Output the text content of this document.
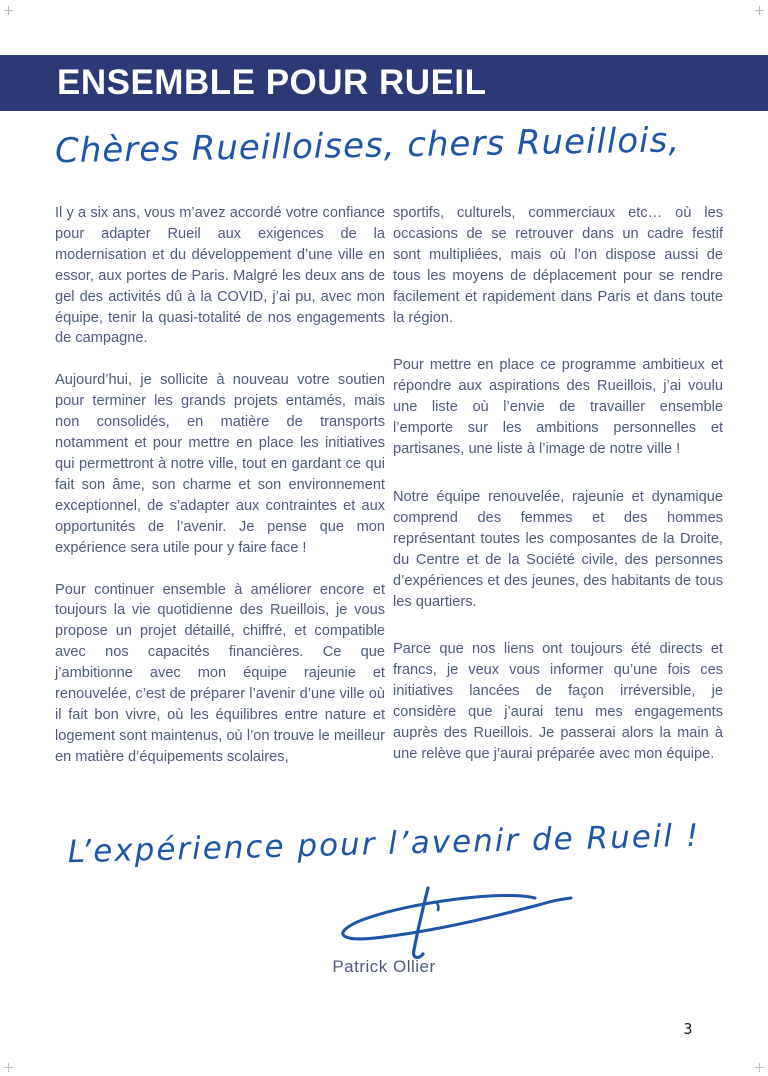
ENSEMBLE POUR RUEIL
Chères Rueilloises, chers Rueillois,

Il y a six ans, vous m’avez accordé votre confiance pour adapter Rueil aux exigences de la modernisation et du développement d’une ville en essor, aux portes de Paris. Malgré les deux ans de gel des activités dû à la COVID, j’ai pu, avec mon équipe, tenir la quasi-totalité de nos engagements de campagne.

Aujourd’hui, je sollicite à nouveau votre soutien pour terminer les grands projets entamés, mais non consolidés, en matière de transports notamment et pour mettre en place les initiatives qui permettront à notre ville, tout en gardant ce qui fait son âme, son charme et son environnement exceptionnel, de s’adapter aux contraintes et aux opportunités de l’avenir. Je pense que mon expérience sera utile pour y faire face !

Pour continuer ensemble à améliorer encore et toujours la vie quotidienne des Rueillois, je vous propose un projet détaillé, chiffré, et compatible avec nos capacités financières. Ce que j’ambitionne avec mon équipe rajeunie et renouvelée, c’est de préparer l’avenir d’une ville où il fait bon vivre, où les équilibres entre nature et logement sont maintenus, où l’on trouve le meilleur en matière d’équipements scolaires,

sportifs, culturels, commerciaux etc… où les occasions de se retrouver dans un cadre festif sont multipliées, mais où l’on dispose aussi de tous les moyens de déplacement pour se rendre facilement et rapidement dans Paris et dans toute la région.

Pour mettre en place ce programme ambitieux et répondre aux aspirations des Rueillois, j’ai voulu une liste où l’envie de travailler ensemble l’emporte sur les ambitions personnelles et partisanes, une liste à l’image de notre ville !

Notre équipe renouvelée, rajeunie et dynamique comprend des femmes et des hommes représentant toutes les composantes de la Droite, du Centre et de la Société civile, des personnes d’expériences et des jeunes, des habitants de tous les quartiers.

Parce que nos liens ont toujours été directs et francs, je veux vous informer qu’une fois ces initiatives lancées de façon irréversible, je considère que j’aurai tenu mes engagements auprès des Rueillois. Je passerai alors la main à une relève que j’aurai préparée avec mon équipe.

L’expérience pour l’avenir de Rueil !
Patrick Ollier
3
